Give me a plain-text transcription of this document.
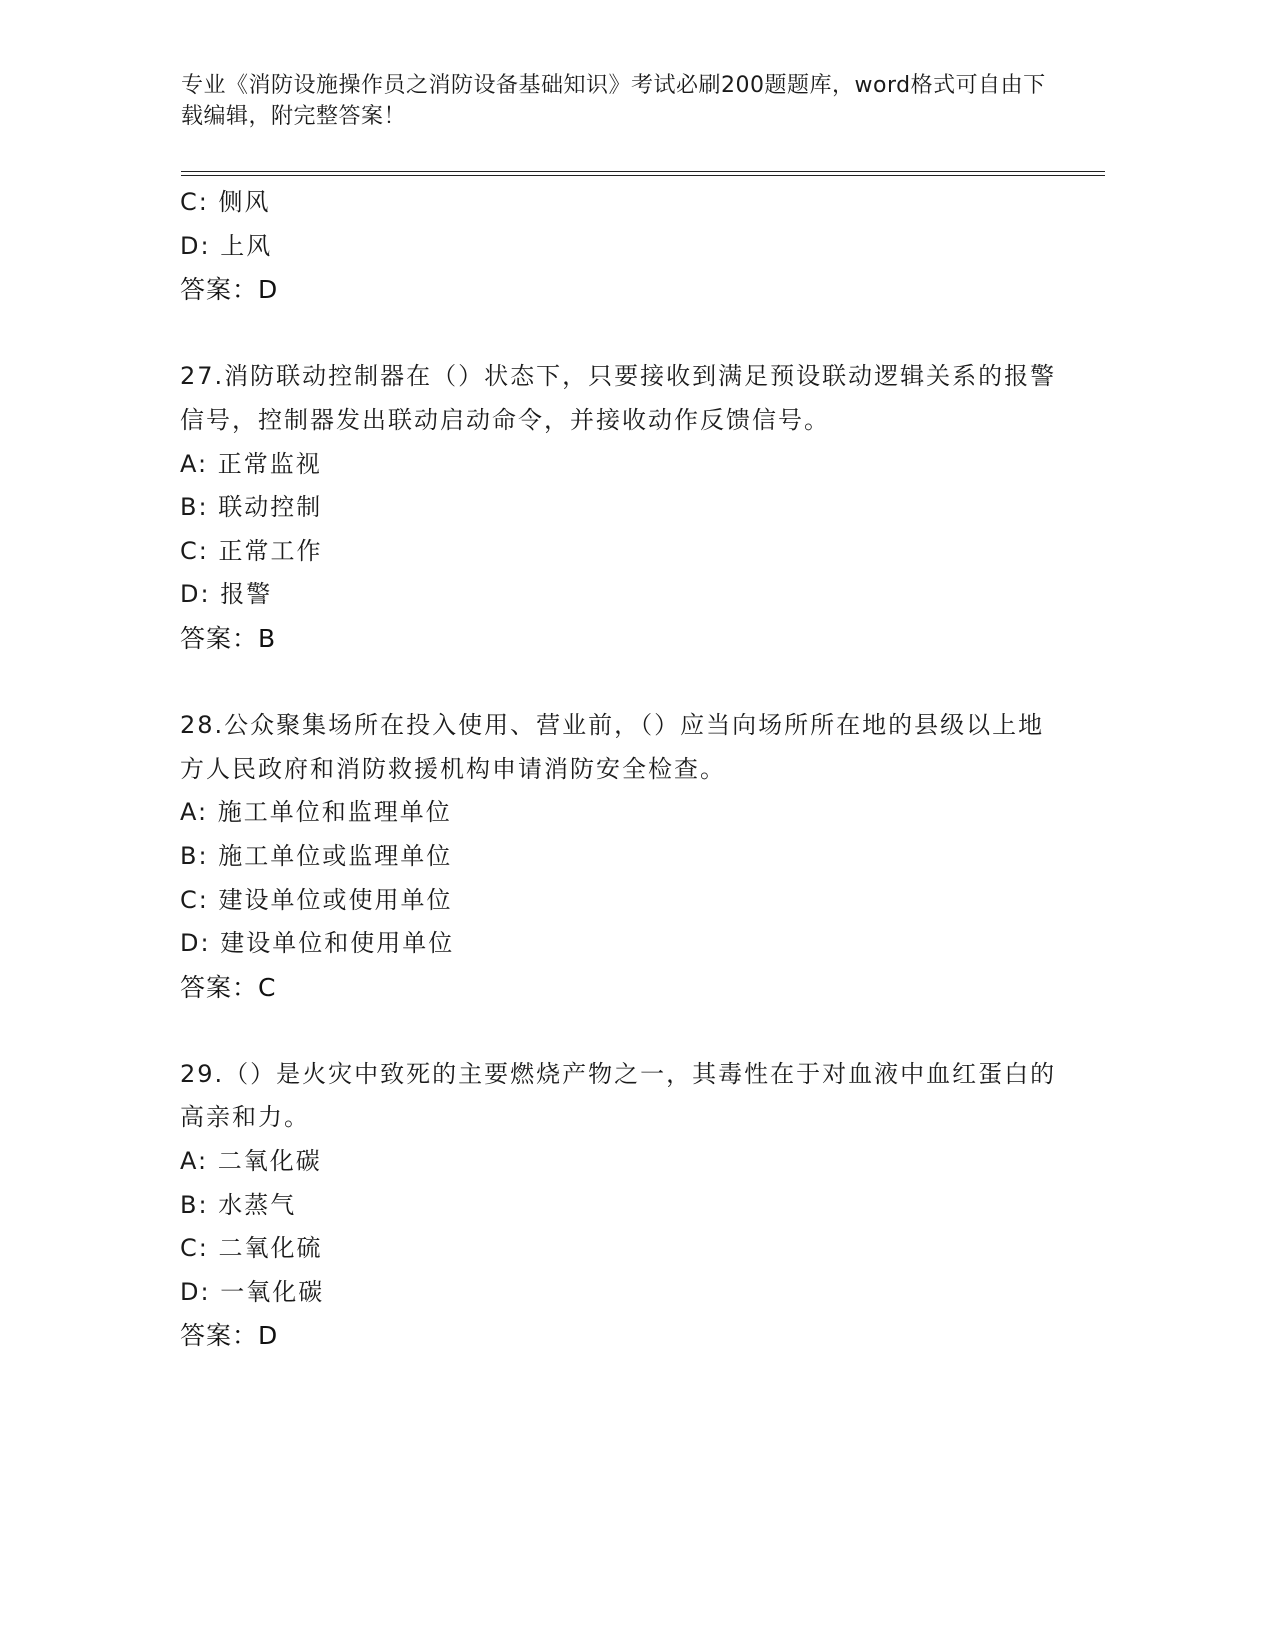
专业《消防设施操作员之消防设备基础知识》考试必刷200题题库，word格式可自由下载编辑，附完整答案！
C: 侧风
D: 上风
答案：D

27.消防联动控制器在（）状态下，只要接收到满足预设联动逻辑关系的报警信号，控制器发出联动启动命令，并接收动作反馈信号。

A: 正常监视
B: 联动控制
C: 正常工作
D: 报警
答案：B

28.公众聚集场所在投入使用、营业前，（）应当向场所所在地的县级以上地方人民政府和消防救援机构申请消防安全检查。

A: 施工单位和监理单位
B: 施工单位或监理单位
C: 建设单位或使用单位
D: 建设单位和使用单位
答案：C

29.（）是火灾中致死的主要燃烧产物之一，其毒性在于对血液中血红蛋白的高亲和力。

A: 二氧化碳
B: 水蒸气
C: 二氧化硫
D: 一氧化碳
答案：D
